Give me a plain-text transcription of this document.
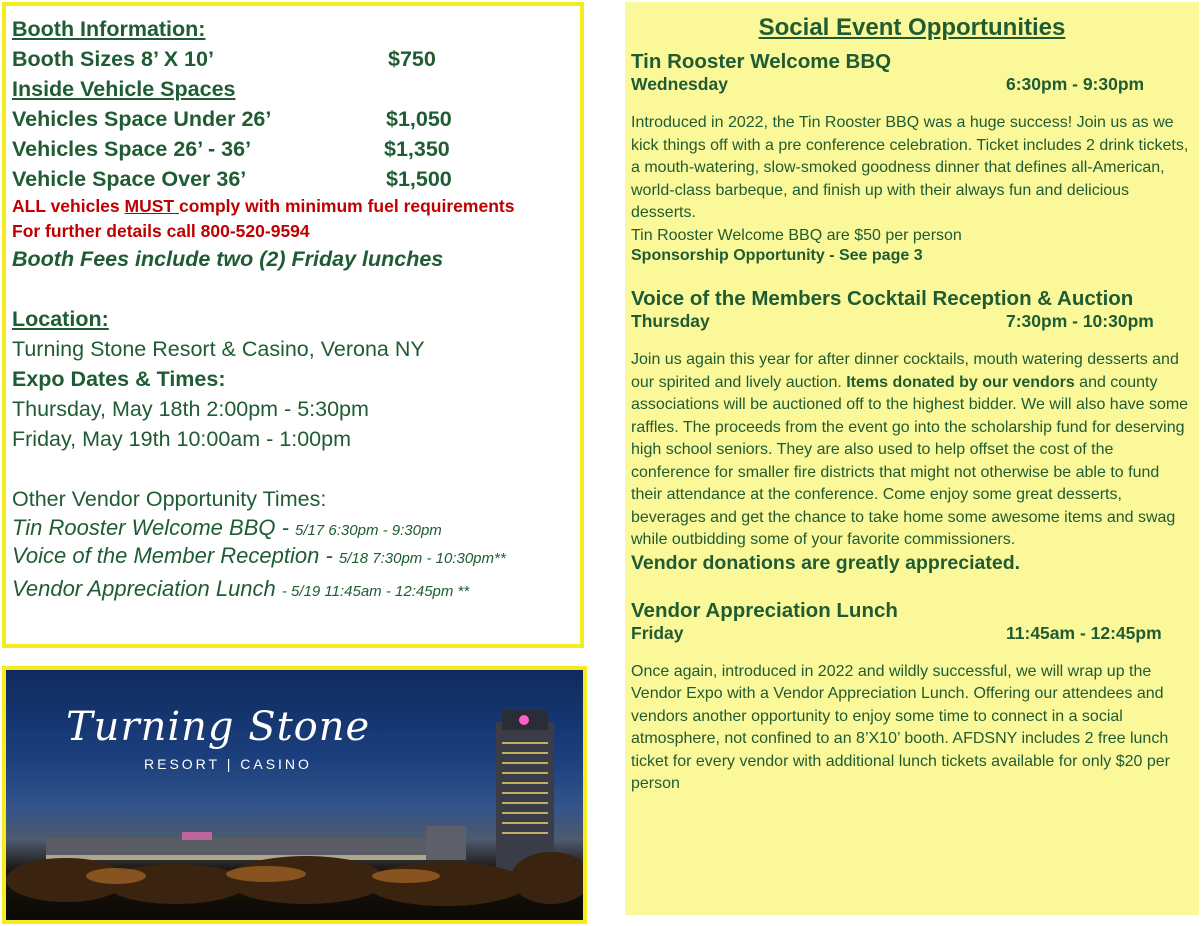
Booth Information:
Booth Sizes 8’ X 10’	$750
Inside Vehicle Spaces
Vehicles Space Under 26’	$1,050
Vehicles Space 26’ - 36’	$1,350
Vehicle Space Over 36’	$1,500
ALL vehicles MUST comply with minimum fuel requirements
For further details call 800-520-9594
Booth Fees include two (2) Friday lunches
Location:
Turning Stone Resort & Casino, Verona NY
Expo Dates & Times:
Thursday, May 18th 2:00pm - 5:30pm
Friday, May 19th 10:00am - 1:00pm
Other Vendor Opportunity Times:
Tin Rooster Welcome BBQ - 5/17 6:30pm - 9:30pm
Voice of the Member Reception - 5/18 7:30pm - 10:30pm**
Vendor Appreciation Lunch - 5/19 11:45am - 12:45pm **
Turning Stone
RESORT | CASINO
Social Event Opportunities
Tin Rooster Welcome BBQ
Wednesday	6:30pm - 9:30pm
Introduced in 2022, the Tin Rooster BBQ was a huge success! Join us as we kick things off with a pre conference celebration. Ticket includes 2 drink tickets, a mouth-watering, slow-smoked goodness dinner that defines all-American, world-class barbeque, and finish up with their always fun and delicious desserts.
Tin Rooster Welcome BBQ are $50 per person
Sponsorship Opportunity - See page 3
Voice of the Members Cocktail Reception & Auction
Thursday	7:30pm - 10:30pm
Join us again this year for after dinner cocktails, mouth watering desserts and our spirited and lively auction. Items donated by our vendors and county associations will be auctioned off to the highest bidder. We will also have some raffles. The proceeds from the event go into the scholarship fund for deserving high school seniors. They are also used to help offset the cost of the conference for smaller fire districts that might not otherwise be able to fund their attendance at the conference. Come enjoy some great desserts, beverages and get the chance to take home some awesome items and swag while outbidding some of your favorite commissioners.
Vendor donations are greatly appreciated.
Vendor Appreciation Lunch
Friday	11:45am - 12:45pm
Once again, introduced in 2022 and wildly successful, we will wrap up the Vendor Expo with a Vendor Appreciation Lunch. Offering our attendees and vendors another opportunity to enjoy some time to connect in a social atmosphere, not confined to an 8’X10’ booth. AFDSNY includes 2 free lunch ticket for every vendor with additional lunch tickets available for only $20 per person
